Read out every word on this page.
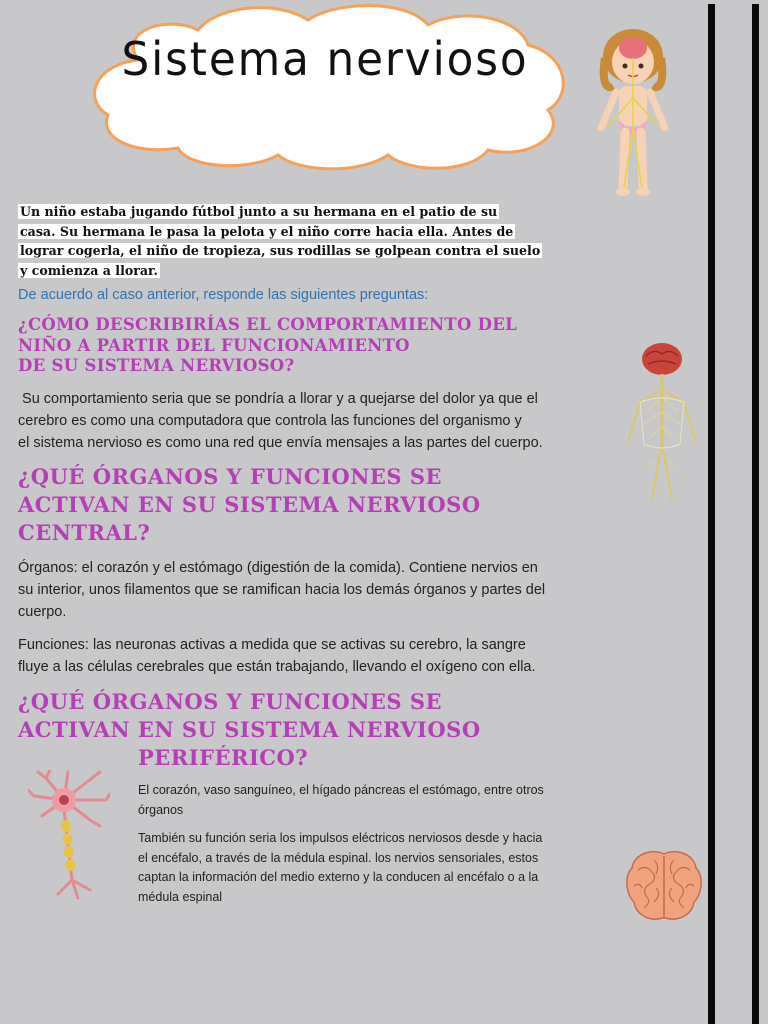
Sistema nervioso
Un niño estaba jugando fútbol junto a su hermana en el patio de su
casa. Su hermana le pasa la pelota y el niño corre hacia ella. Antes de
lograr cogerla, el niño de tropieza, sus rodillas se golpean contra el suelo
y comienza a llorar.
De acuerdo al caso anterior, responde las siguientes preguntas:
¿CÓMO DESCRIBIRÍAS EL COMPORTAMIENTO DEL
NIÑO A PARTIR DEL FUNCIONAMIENTO
DE SU SISTEMA NERVIOSO?
Su comportamiento seria que se pondría a llorar y a quejarse del dolor ya que el
cerebro es como una computadora que controla las funciones del organismo y
el sistema nervioso es como una red que envía mensajes a las partes del cuerpo.
¿QUÉ ÓRGANOS Y FUNCIONES SE
ACTIVAN EN SU SISTEMA NERVIOSO
CENTRAL?
Órganos: el corazón y el estómago (digestión de la comida). Contiene nervios en
su interior, unos filamentos que se ramifican hacia los demás órganos y partes del
cuerpo.
Funciones: las neuronas activas a medida que se activas su cerebro, la sangre
fluye a las células cerebrales que están trabajando, llevando el oxígeno con ella.
¿QUÉ ÓRGANOS Y FUNCIONES SE
ACTIVAN EN SU SISTEMA NERVIOSO
PERIFÉRICO?
El corazón, vaso sanguíneo, el hígado páncreas el estómago, entre otros
órganos
También su función seria los impulsos eléctricos nerviosos desde y hacia
el encéfalo, a través de la médula espinal. los nervios sensoriales, estos
captan la información del medio externo y la conducen al encéfalo o a la
médula espinal
